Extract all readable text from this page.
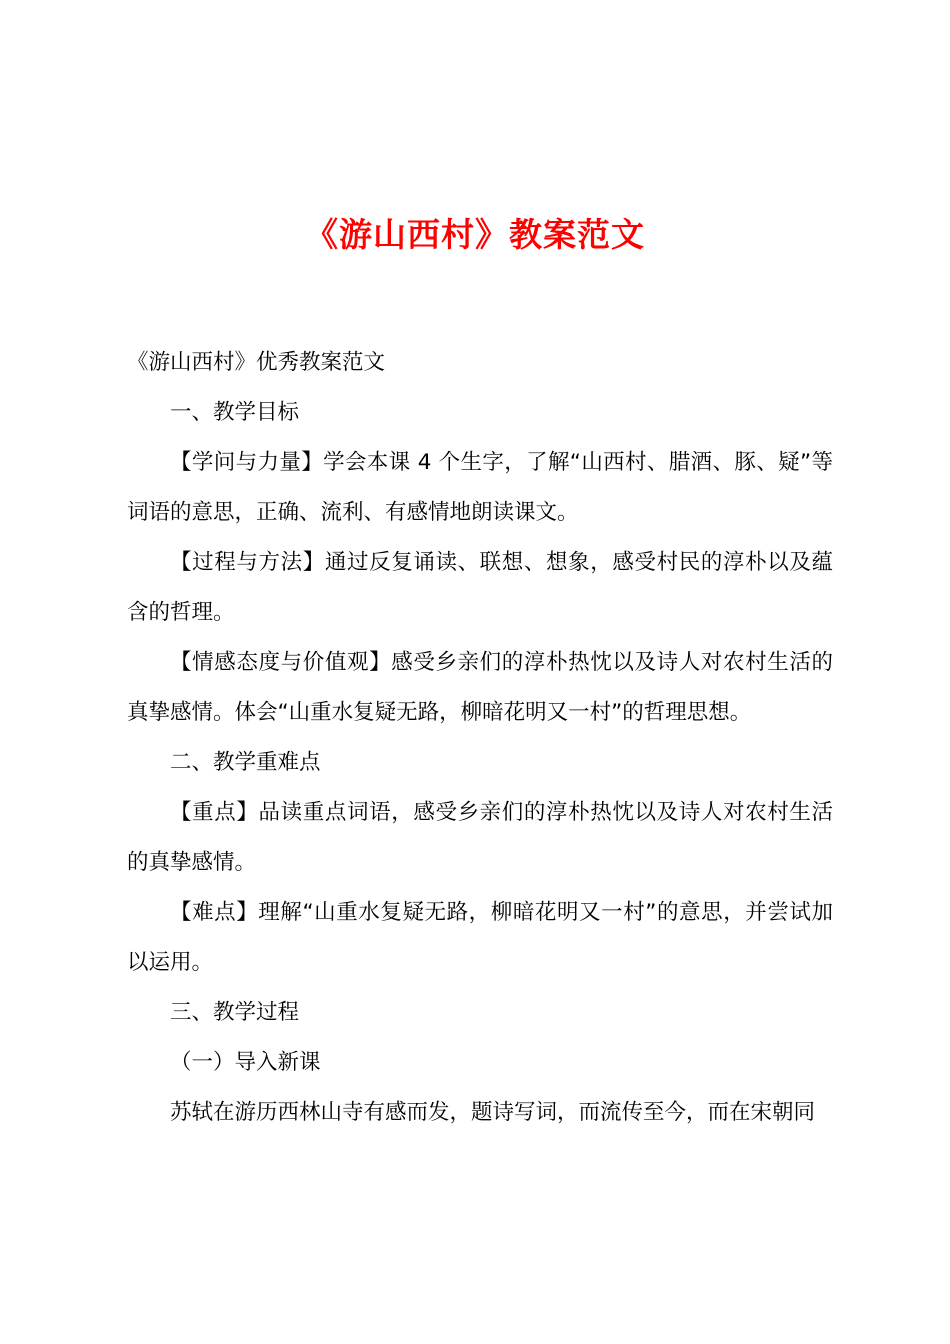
《游山西村》教案范文

《游山西村》优秀教案范文

一、教学目标

【学问与力量】学会本课 4 个生字，了解“山西村、腊酒、豚、疑”等词语的意思，正确、流利、有感情地朗读课文。

【过程与方法】通过反复诵读、联想、想象，感受村民的淳朴以及蕴含的哲理。

【情感态度与价值观】感受乡亲们的淳朴热忱以及诗人对农村生活的真挚感情。体会“山重水复疑无路，柳暗花明又一村”的哲理思想。

二、教学重难点

【重点】品读重点词语，感受乡亲们的淳朴热忱以及诗人对农村生活的真挚感情。

【难点】理解“山重水复疑无路，柳暗花明又一村”的意思，并尝试加以运用。

三、教学过程

（一）导入新课

苏轼在游历西林山寺有感而发，题诗写词，而流传至今，而在宋朝同
